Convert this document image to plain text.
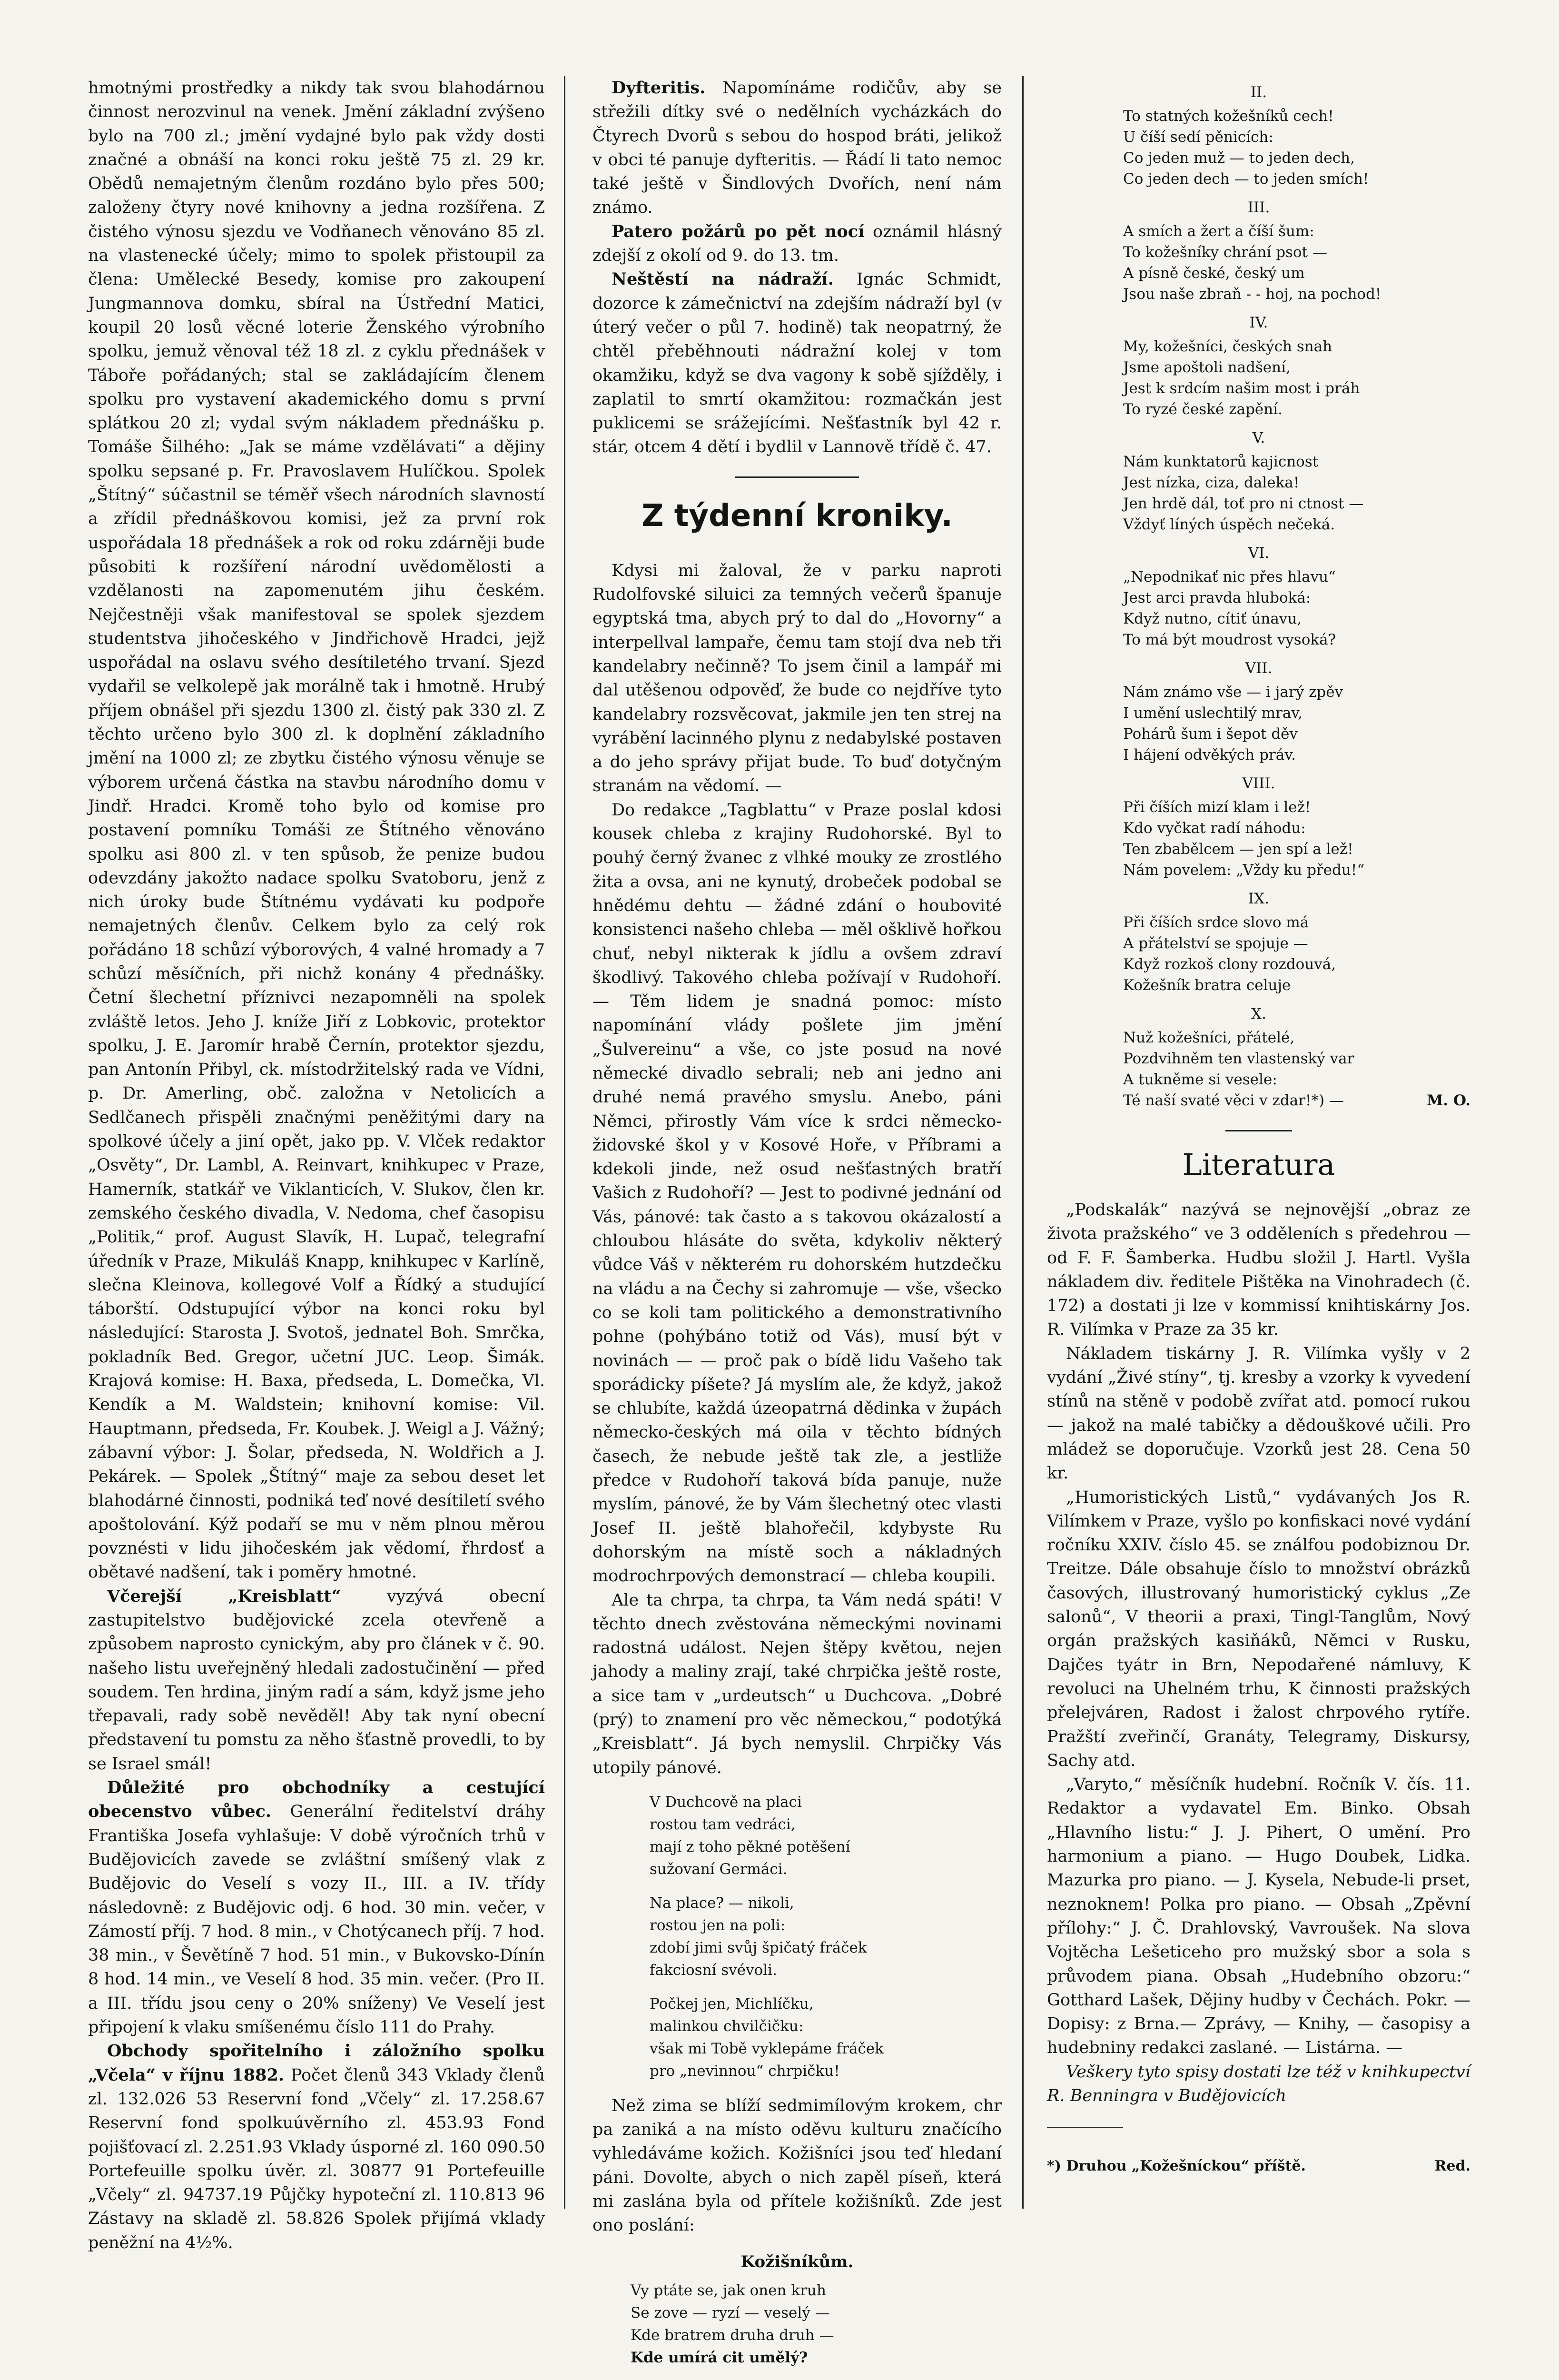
hmotnými prostředky a nikdy tak svou blahodárnou činnost nerozvinul na venek. Jmění základní zvýšeno bylo na 700 zl.; jmění vydajné bylo pak vždy dosti značné a obnáší na konci roku ještě 75 zl. 29 kr. Obědů nemajetným členům rozdáno bylo přes 500; založeny čtyry nové knihovny a jedna rozšířena. Z čistého výnosu sjezdu ve Vodňanech věnováno 85 zl. na vlastenecké účely; mimo to spolek přistoupil za člena: Umělecké Besedy, komise pro zakoupení Jungmannova domku, sbíral na Ústřední Matici, koupil 20 losů věcné loterie Ženského výrobního spolku, jemuž věnoval též 18 zl. z cyklu přednášek v Táboře pořádaných; stal se zakládajícím členem spolku pro vystavení akademického domu s první splátkou 20 zl; vydal svým nákladem přednášku p. Tomáše Šilhého: „Jak se máme vzdělávati“ a dějiny spolku sepsané p. Fr. Pravoslavem Hulíčkou. Spolek „Štítný“ súčastnil se téměř všech národních slavností a zřídil přednáškovou komisi, jež za první rok uspořádala 18 přednášek a rok od roku zdárněji bude působiti k rozšíření národní uvědomělosti a vzdělanosti na zapomenutém jihu českém. Nejčestněji však manifestoval se spolek sjezdem studentstva jihočeského v Jindřichově Hradci, jejž uspořádal na oslavu svého desítiletého trvaní. Sjezd vydařil se velkolepě jak morálně tak i hmotně. Hrubý příjem obnášel při sjezdu 1300 zl. čistý pak 330 zl. Z těchto určeno bylo 300 zl. k doplnění základního jmění na 1000 zl; ze zbytku čistého výnosu věnuje se výborem určená částka na stavbu národního domu v Jindř. Hradci. Kromě toho bylo od komise pro postavení pomníku Tomáši ze Štítného věnováno spolku asi 800 zl. v ten spůsob, že penize budou odevzdány jakožto nadace spolku Svatoboru, jenž z nich úroky bude Štítnému vydávati ku podpoře nemajetných členův. Celkem bylo za celý rok pořádáno 18 schůzí výborových, 4 valné hromady a 7 schůzí měsíčních, při nichž konány 4 přednášky. Četní šlechetní příznivci nezapomněli na spolek zvláště letos. Jeho J. kníže Jiří z Lobkovic, protektor spolku, J. E. Jaromír hrabě Černín, protektor sjezdu, pan Antonín Přibyl, ck. místodržitelský rada ve Vídni, p. Dr. Amerling, obč. založna v Netolicích a Sedlčanech přispěli značnými peněžitými dary na spolkové účely a jiní opět, jako pp. V. Vlček redaktor „Osvěty“, Dr. Lambl, A. Reinvart, knihkupec v Praze, Hamerník, statkář ve Viklanticích, V. Slukov, člen kr. zemského českého divadla, V. Nedoma, chef časopisu „Politik,“ prof. August Slavík, H. Lupač, telegrafní úředník v Praze, Mikuláš Knapp, knihkupec v Karlíně, slečna Kleinova, kollegové Volf a Řídký a studující táborští. Odstupující výbor na konci roku byl následující: Starosta J. Svotoš, jednatel Boh. Smrčka, pokladník Bed. Gregor, učetní JUC. Leop. Šimák. Krajová komise: H. Baxa, předseda, L. Domečka, Vl. Kendík a M. Waldstein; knihovní komise: Vil. Hauptmann, předseda, Fr. Koubek. J. Weigl a J. Vážný; zábavní výbor: J. Šolar, předseda, N. Woldřich a J. Pekárek. — Spolek „Štítný“ maje za sebou deset let blahodárné činnosti, podniká teď nové desítiletí svého apoštolování. Kýž podaří se mu v něm plnou měrou povznésti v lidu jihočeském jak vědomí, řhrdosť a obětavé nadšení, tak i pomĕry hmotné.

Včerejší „Kreisblatt“	vyzývá obecní zastupitelstvo budějovické zcela otevřeně a způsobem naprosto cynickým, aby pro článek v č. 90. našeho listu uveřejněný hledali zadostučinění — před soudem. Ten hrdina, jiným radí a sám, když jsme jeho třepavali, rady sobě nevěděl! Aby tak nyní obecní představení tu pomstu za něho šťastně provedli, to by se Israel smál!

Důležité pro obchodníky a cestující obecenstvo vůbec. Generální ředitelství dráhy Františka Josefa vyhlašuje: V době výročních trhů v Budějovicích zavede se zvláštní smíšený vlak z Budějovic do Veselí s vozy II., III. a IV. třídy následovně: z Budějovic odj. 6 hod. 30 min. večer, v Zámostí příj. 7 hod. 8 min., v Chotýcanech příj. 7 hod. 38 min., v Ševětíně 7 hod. 51 min., v Bukovsko-Dínín 8 hod. 14 min., ve Veselí 8 hod. 35 min. večer. (Pro II. a III. třídu jsou ceny o 20% sníženy) Ve Veselí jest připojení k vlaku smíšenému číslo 111 do Prahy.

Obchody spořitelního i záložního spolku „Včela“ v říjnu 1882. Počet členů 343 Vklady členů zl. 132.026 53 Reservní fond „Včely“ zl. 17.258.67 Reservní fond spolkuúvěrního zl. 453.93 Fond pojišťovací zl. 2.251.93 Vklady úsporné zl. 160 090.50 Portefeuille spolku úvěr. zl. 30877 91 Portefeuille „Včely“ zl. 94737.19 Půjčky hypoteční zl. 110.813 96 Zástavy na skladě zl. 58.826 Spolek přijímá vklady peněžní na 4½%.

Dyfteritis. Napomínáme rodičův, aby se střežili dítky své o nedělních vycházkách do Čtyrech Dvorů s sebou do hospod bráti, jelikož v obci té panuje dyfteritis. — Řádí li tato nemoc také ještě v Šindlových Dvořích, není nám známo.

Patero požárů po pět nocí oznámil hlásný zdejší z okolí od 9. do 13. tm.

Neštěstí na nádraží. Ignác Schmidt, dozorce k zámečnictví na zdejším nádraží byl (v úterý večer o půl 7. hodině) tak neopatrný, že chtěl přeběhnouti nádražní kolej v tom okamžiku, když se dva vagony k sobě sjížděly, i zaplatil to smrtí okamžitou: rozmačkán jest puklicemi se srážejícími. Nešťastník byl 42 r. stár, otcem 4 dětí i bydlil v Lannově třídě č. 47.

Z týdenní kroniky.

Kdysi mi žaloval, že v parku naproti Rudolfovské siluici za temných večerů španuje egyptská tma, abych prý to dal do „Hovorny“ a interpellval lampaře, čemu tam stojí dva neb tři kandelabry nečinně? To jsem činil a lampář mi dal utěšenou odpověď, že bude co nejdříve tyto kandelabry rozsvěcovat, jakmile jen ten strej na vyrábění lacinného plynu z nedabylské postaven a do jeho správy přijat bude. To buď dotyčným stranám na vědomí. —

Do redakce „Tagblattu“ v Praze poslal kdosi kousek chleba z krajiny Rudohorské. Byl to pouhý černý žvanec z vlhké mouky ze zrostlého žita a ovsa, ani ne kynutý, drobeček podobal se hnědému dehtu — žádné zdání o houbovité konsistenci našeho chleba — měl ošklivě hořkou chuť, nebyl nikterak k jídlu a ovšem zdraví škodlivý. Takového chleba požívají v Rudohoří. — Těm lidem je snadná pomoc: místo napomínání vlády pošlete jim jmění „Šulvereinu“ a vše, co jste posud na nové německé divadlo sebrali; neb ani jedno ani druhé nemá pravého smyslu. Anebo, páni Němci, přirostly Vám více k srdci německo-židovské škol y v Kosové Hoře, v Příbrami a kdekoli jinde, než osud nešťastných bratří Vašich z Rudohoří? — Jest to podivné jednání od Vás, pánové: tak často a s takovou okázalostí a chloubou hlásáte do světa, kdykoliv některý vůdce Váš v některém ru dohorském hutzdečku na vládu a na Čechy si zahromuje — vše, všecko co se koli tam politického a demonstrativního pohne (pohýbáno totiž od Vás), musí být v novinách — — proč pak o bídě lidu Vašeho tak sporádicky píšete? Já myslím ale, že když, jakož se chlubíte, každá úzeopatrná dědinka v župách německo-českých má oila v těchto bídných časech, že nebude ještě tak zle, a jestliže předce v Rudohoří taková bída panuje, nuže myslím, pánové, že by Vám šlechetný otec vlasti Josef II. ještě blahořečil, kdybyste Ru dohorským na místě soch a nákladných modrochrpových demonstrací — chleba koupili.

Ale ta chrpa, ta chrpa, ta Vám nedá spáti! V těchto dnech zvěstována německými novinami radostná událost. Nejen štěpy květou, nejen jahody a maliny zrají, také chrpička ještě roste, a sice tam v „urdeutsch“ u Duchcova. „Dobré (prý) to znamení pro věc německou,“ podotýká „Kreisblatt“. Já bych nemyslil. Chrpičky Vás utopily pánové.

V Duchcově na placi
rostou tam vedráci,
mají z toho pěkné potěšení
sužovaní Germáci.
Na place? — nikoli,
rostou jen na poli:
zdobí jimi svůj špičatý fráček
fakciosní svévoli.
Počkej jen, Michlíčku,
malinkou chvilčičku:
však mi Tobě vyklepáme fráček
pro „nevinnou“ chrpičku!

Než zima se blíží sedmimílovým krokem, chr pa zaniká a na místo oděvu kulturu značícího vyhledáváme kožich. Kožišníci jsou teď hledaní páni. Dovolte, abych o nich zapěl píseň, která mi zaslána byla od přítele kožišníků. Zde jest ono poslání:

Kožišníkům.
Vy ptáte se, jak onen kruh
Se zove — ryzí — veselý —
Kde bratrem druha druh —
Kde umírá cit umělý?
II.
To statných kožešníků cech!
U číší sedí pěnicích:
Co jeden muž — to jeden dech,
Co jeden dech — to jeden smích!
III.
A smích a žert a číší šum:
To kožešníky chrání psot —
A písně české, český um
Jsou naše zbraň - - hoj, na pochod!
IV.
My, kožešníci, českých snah
Jsme apoštoli nadšení,
Jest k srdcím našim most i práh
To ryzé české zapění.
V.
Nám kunktatorů kajicnost
Jest nízka, ciza, daleka!
Jen hrdě dál, toť pro ni ctnost —
Vždyť líných úspěch nečeká.
VI.
„Nepodnikať nic přes hlavu“
Jest arci pravda hluboká:
Když nutno, cítiť únavu,
To má být moudrost vysoká?
VII.
Nám známo vše — i jarý zpěv
I umění uslechtilý mrav,
Pohárů šum i šepot děv
I hájení odvěkých práv.
VIII.
Při číších mizí klam i lež!
Kdo vyčkat radí náhodu:
Ten zbabělcem — jen spí a lež!
Nám povelem: „Vždy ku předu!“
IX.
Při číších srdce slovo má
A přátelství se spojuje —
Když rozkoš clony rozdouvá,
Kožešník bratra celuje
X.
Nuž kožešníci, přátelé,
Pozdvihněm ten vlastenský var
A tukněme si vesele:
Té naší svaté věci v zdar!*) —	M. O.
Literatura

„Podskalák“ nazývá se nejnovější „obraz ze života pražského“ ve 3 odděleních s předehrou — od F. F. Šamberka. Hudbu složil J. Hartl. Vyšla nákladem div. ředitele Pištěka na Vinohradech (č. 172) a dostati ji lze v kommissí knihtiskárny Jos. R. Vilímka v Praze za 35 kr.

Nákladem tiskárny J. R. Vilímka vyšly v 2 vydání „Živé stíny“, tj. kresby a vzorky k vyvedení stínů na stěně v podobě zvířat atd. pomocí rukou — jakož na malé tabičky a dědouškové učili. Pro mládež se doporučuje. Vzorků jest 28. Cena 50 kr.

„Humoristických Listů,“ vydávaných Jos R. Vilímkem v Praze, vyšlo po konfiskaci nové vydání ročníku XXIV. číslo 45. se ználfou podobiznou Dr. Treitze. Dále obsahuje číslo to množství obrázků časových, illustrovaný humoristický cyklus „Ze salonů“, V theorii a praxi, Tingl-Tanglům, Nový orgán pražských kasiňáků, Němci v Rusku, Dajčes tyátr in Brn, Nepodařené námluvy, K revoluci na Uhelném trhu, K činnosti pražských přelejváren, Radost i žalost chrpového rytíře. Pražští zveřinčí, Granáty, Telegramy, Diskursy, Sachy atd.

„Varyto,“ měsíčník hudební. Ročník V. čís. 11. Redaktor a vydavatel Em. Binko. Obsah „Hlavního listu:“ J. J. Pihert, O umění. Pro harmonium a piano. — Hugo Doubek, Lidka. Mazurka pro piano. — J. Kysela, Nebude-li prset, neznoknem! Polka pro piano. — Obsah „Zpěvní přílohy:“ J. Č. Drahlovský, Vavroušek. Na slova Vojtěcha Lešeticeho pro mužský sbor a sola s průvodem piana. Obsah „Hudebního obzoru:“ Gotthard Lašek, Dějiny hudby v Čechách. Pokr. — Dopisy: z Brna.— Zprávy, — Knihy, — časopisy a hudebniny redakci zaslané. — Listárna. —

Veškery tyto spisy dostati lze též v knihkupectví R. Benningra v Budějovicích

*) Druhou „Kožešníckou“ příště.	Red.
